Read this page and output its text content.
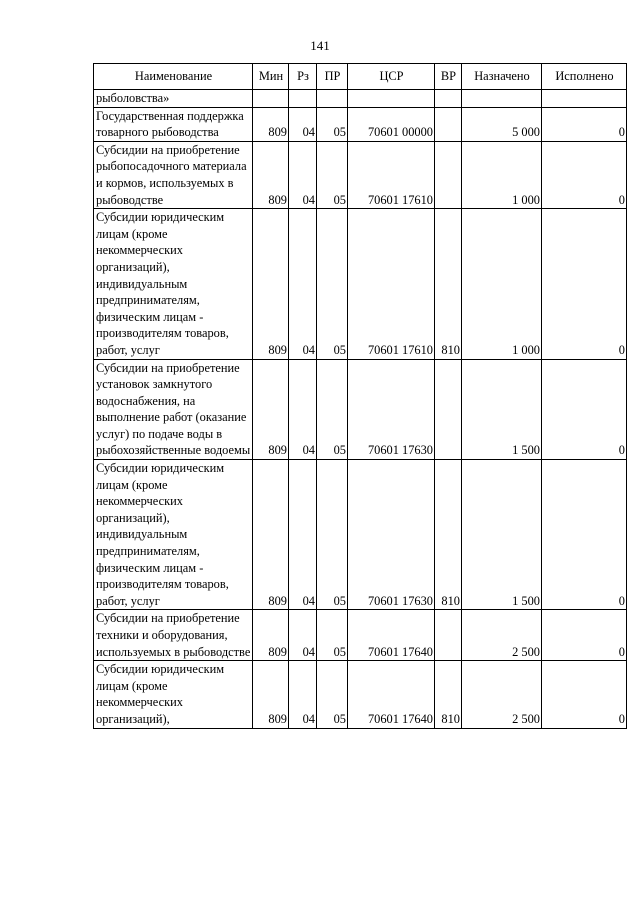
141
Наименование	Мин	Рз	ПР	ЦСР	ВР	Назначено	Исполнено
рыболовства»							
Государственная поддержка товарного рыбоводства	809	04	05	70601 00000		5 000	0
Субсидии на приобретение рыбопосадочного материала и кормов, используемых в рыбоводстве	809	04	05	70601 17610		1 000	0
Субсидии юридическим лицам (кроме некоммерческих организаций), индивидуальным предпринимателям, физическим лицам - производителям товаров, работ, услуг	809	04	05	70601 17610	810	1 000	0
Субсидии на приобретение установок замкнутого водоснабжения, на выполнение работ (оказание услуг) по подаче воды в рыбохозяйственные водоемы	809	04	05	70601 17630		1 500	0
Субсидии юридическим лицам (кроме некоммерческих организаций), индивидуальным предпринимателям, физическим лицам - производителям товаров, работ, услуг	809	04	05	70601 17630	810	1 500	0
Субсидии на приобретение техники и оборудования, используемых в рыбоводстве	809	04	05	70601 17640		2 500	0
Субсидии юридическим лицам (кроме некоммерческих организаций),	809	04	05	70601 17640	810	2 500	0
